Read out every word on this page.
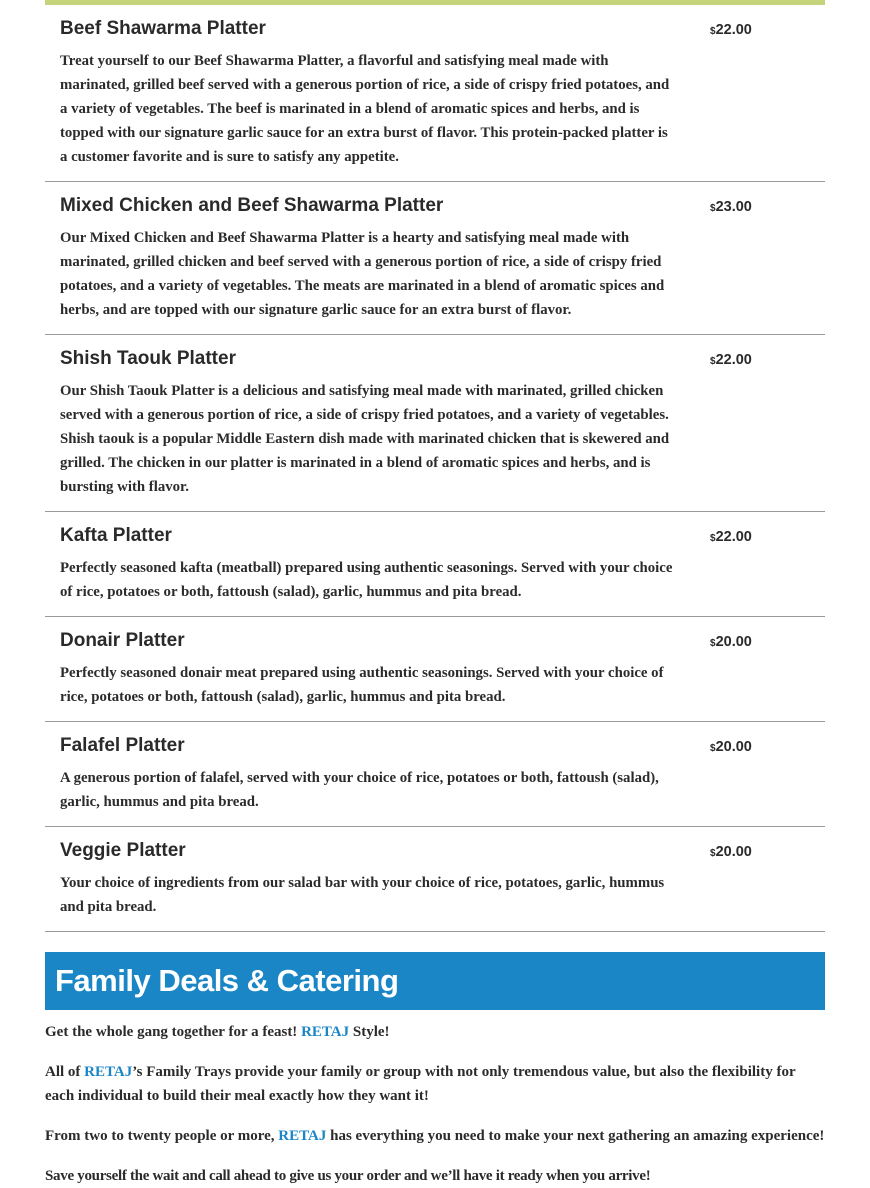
Beef Shawarma Platter

Treat yourself to our Beef Shawarma Platter, a flavorful and satisfying meal made with marinated, grilled beef served with a generous portion of rice, a side of crispy fried potatoes, and a variety of vegetables. The beef is marinated in a blend of aromatic spices and herbs, and is topped with our signature garlic sauce for an extra burst of flavor. This protein-packed platter is a customer favorite and is sure to satisfy any appetite.

$22.00
Mixed Chicken and Beef Shawarma Platter

Our Mixed Chicken and Beef Shawarma Platter is a hearty and satisfying meal made with marinated, grilled chicken and beef served with a generous portion of rice, a side of crispy fried potatoes, and a variety of vegetables. The meats are marinated in a blend of aromatic spices and herbs, and are topped with our signature garlic sauce for an extra burst of flavor.

$23.00
Shish Taouk Platter

Our Shish Taouk Platter is a delicious and satisfying meal made with marinated, grilled chicken served with a generous portion of rice, a side of crispy fried potatoes, and a variety of vegetables. Shish taouk is a popular Middle Eastern dish made with marinated chicken that is skewered and grilled. The chicken in our platter is marinated in a blend of aromatic spices and herbs, and is bursting with flavor.

$22.00
Kafta Platter

Perfectly seasoned kafta (meatball) prepared using authentic seasonings. Served with your choice of rice, potatoes or both, fattoush (salad), garlic, hummus and pita bread.

$22.00
Donair Platter

Perfectly seasoned donair meat prepared using authentic seasonings. Served with your choice of rice, potatoes or both, fattoush (salad), garlic, hummus and pita bread.

$20.00
Falafel Platter

A generous portion of falafel, served with your choice of rice, potatoes or both, fattoush (salad), garlic, hummus and pita bread.

$20.00
Veggie Platter

Your choice of ingredients from our salad bar with your choice of rice, potatoes, garlic, hummus and pita bread.

$20.00
Family Deals & Catering

Get the whole gang together for a feast! RETAJ Style!

All of RETAJ’s Family Trays provide your family or group with not only tremendous value, but also the flexibility for each individual to build their meal exactly how they want it!

From two to twenty people or more, RETAJ has everything you need to make your next gathering an amazing experience!

Save yourself the wait and call ahead to give us your order and we’ll have it ready when you arrive!
